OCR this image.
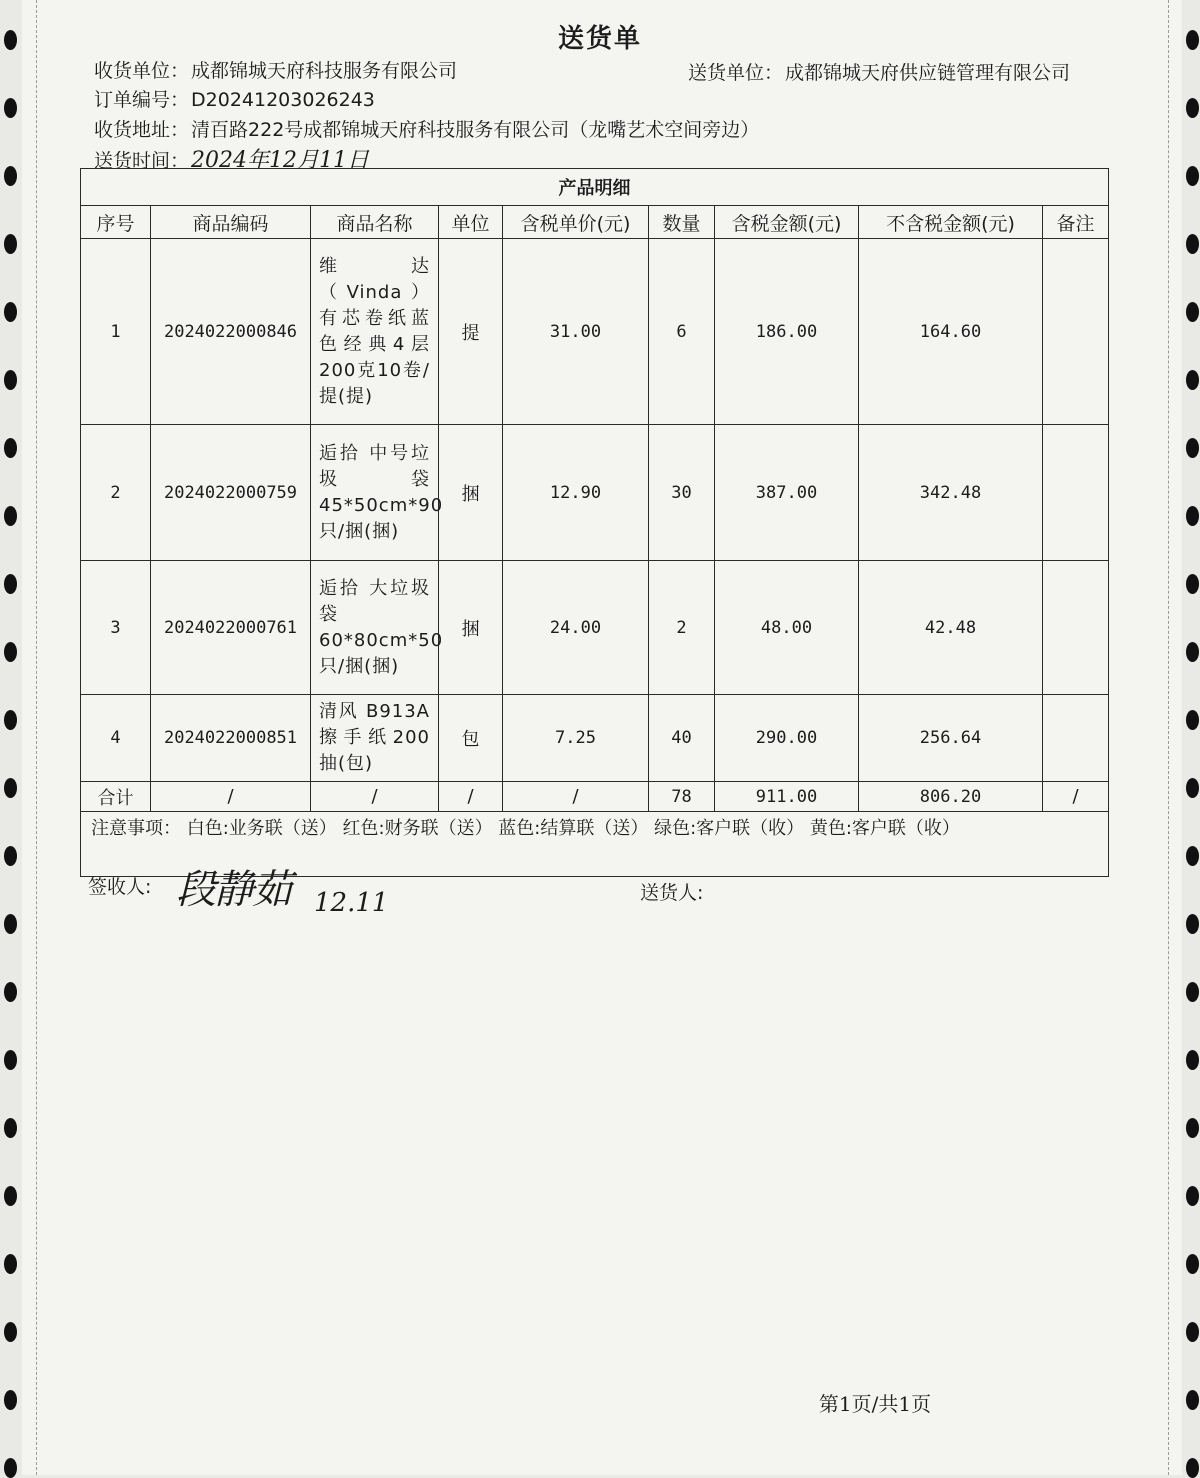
送货单
收货单位： 成都锦城天府科技服务有限公司	送货单位： 成都锦城天府供应链管理有限公司
订单编号： D20241203026243
收货地址： 清百路222号成都锦城天府科技服务有限公司（龙嘴艺术空间旁边）
送货时间：2024年12月11日
产品明细								
序号	商品编码	商品名称	单位	含税单价(元)	数量	含税金额(元)	不含税金额(元)	备注
1	2024022000846	维达（Vinda）有芯卷纸蓝色经典4层200克10卷/提(提)	提	31.00	6	186.00	164.60	
2	2024022000759	逅拾 中号垃圾袋45*50cm*90只/捆(捆)	捆	12.90	30	387.00	342.48	
3	2024022000761	逅拾 大垃圾袋60*80cm*50只/捆(捆)	捆	24.00	2	48.00	42.48	
4	2024022000851	清风 B913A擦手纸200抽(包)	包	7.25	40	290.00	256.64	
合计	/	/	/	/	78	911.00	806.20	/
注意事项： 白色:业务联（送） 红色:财务联（送） 蓝色:结算联（送） 绿色:客户联（收） 黄色:客户联（收）								
签收人: 段静茹 12.11	送货人:
第1页/共1页
